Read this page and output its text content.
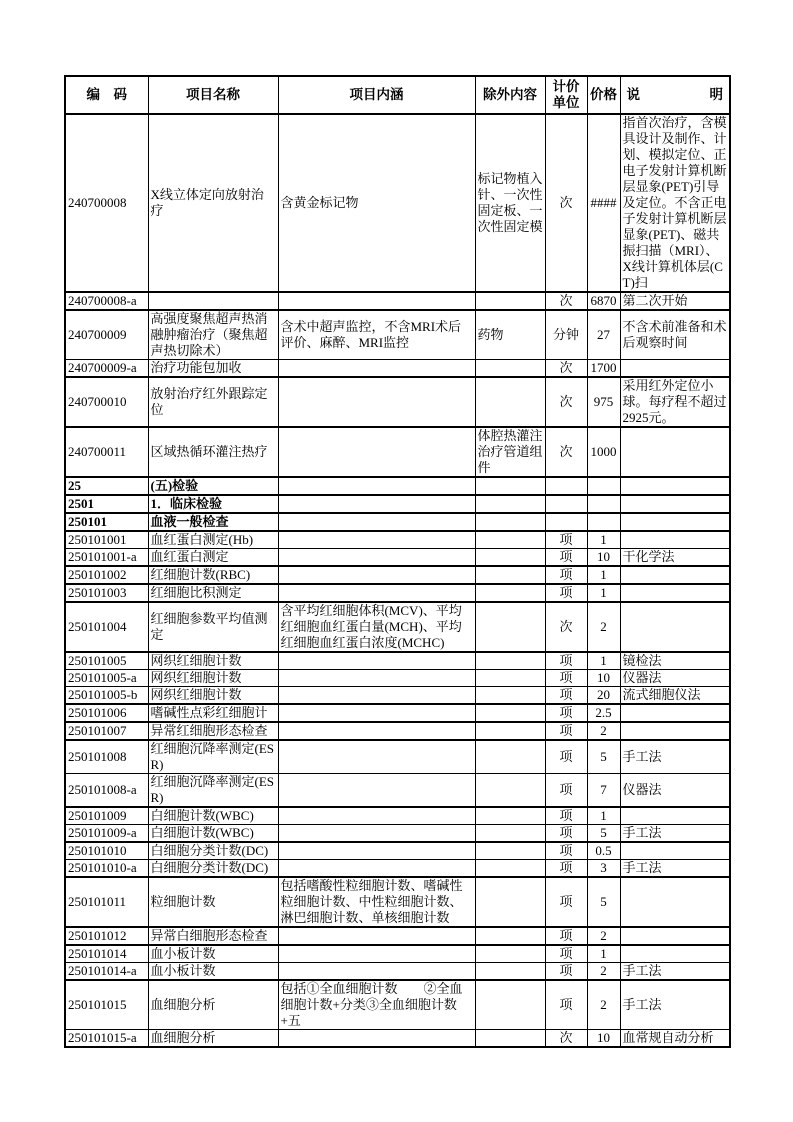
编　码	项目名称	项目内涵	除外内容	计价单位	价格	说 明

240700008	X线立体定向放射治疗	含黄金标记物	标记物植入针、一次性固定板、一次性固定模	次	####	指首次治疗，含模具设计及制作、计划、模拟定位、正电子发射计算机断层显象(PET)引导及定位。不含正电子发射计算机断层显象(PET)、磁共振扫描（MRI）、X线计算机体层(CT)扫
240700008-a				次	6870	第二次开始
240700009	高强度聚焦超声热消融肿瘤治疗（聚焦超声热切除术）	含术中超声监控，不含MRI术后评价、麻醉、MRI监控	药物	分钟	27	不含术前准备和术后观察时间
240700009-a	治疗功能包加收			次	1700	
240700010	放射治疗红外跟踪定位			次	975	采用红外定位小球。每疗程不超过2925元。
240700011	区域热循环灌注热疗		体腔热灌注治疗管道组件	次	1000	
25	(五)检验					
2501	1．临床检验					
250101	血液一般检查					
250101001	血红蛋白测定(Hb)			项	1	
250101001-a	血红蛋白测定			项	10	干化学法
250101002	红细胞计数(RBC)			项	1	
250101003	红细胞比积测定			项	1	
250101004	红细胞参数平均值测定	含平均红细胞体积(MCV)、平均红细胞血红蛋白量(MCH)、平均红细胞血红蛋白浓度(MCHC)		次	2	
250101005	网织红细胞计数			项	1	镜检法
250101005-a	网织红细胞计数			项	10	仪器法
250101005-b	网织红细胞计数			项	20	流式细胞仪法
250101006	嗜碱性点彩红细胞计			项	2.5	
250101007	异常红细胞形态检查			项	2	
250101008	红细胞沉降率测定(ESR)			项	5	手工法
250101008-a	红细胞沉降率测定(ESR)			项	7	仪器法
250101009	白细胞计数(WBC)			项	1	
250101009-a	白细胞计数(WBC)			项	5	手工法
250101010	白细胞分类计数(DC)			项	0.5	
250101010-a	白细胞分类计数(DC)			项	3	手工法
250101011	粒细胞计数	包括嗜酸性粒细胞计数、嗜碱性粒细胞计数、中性粒细胞计数、淋巴细胞计数、单核细胞计数		项	5	
250101012	异常白细胞形态检查			项	2	
250101014	血小板计数			项	1	
250101014-a	血小板计数			项	2	手工法
250101015	血细胞分析	包括①全血细胞计数　　②全血细胞计数+分类③全血细胞计数+五		项	2	手工法
250101015-a	血细胞分析			次	10	血常规自动分析
